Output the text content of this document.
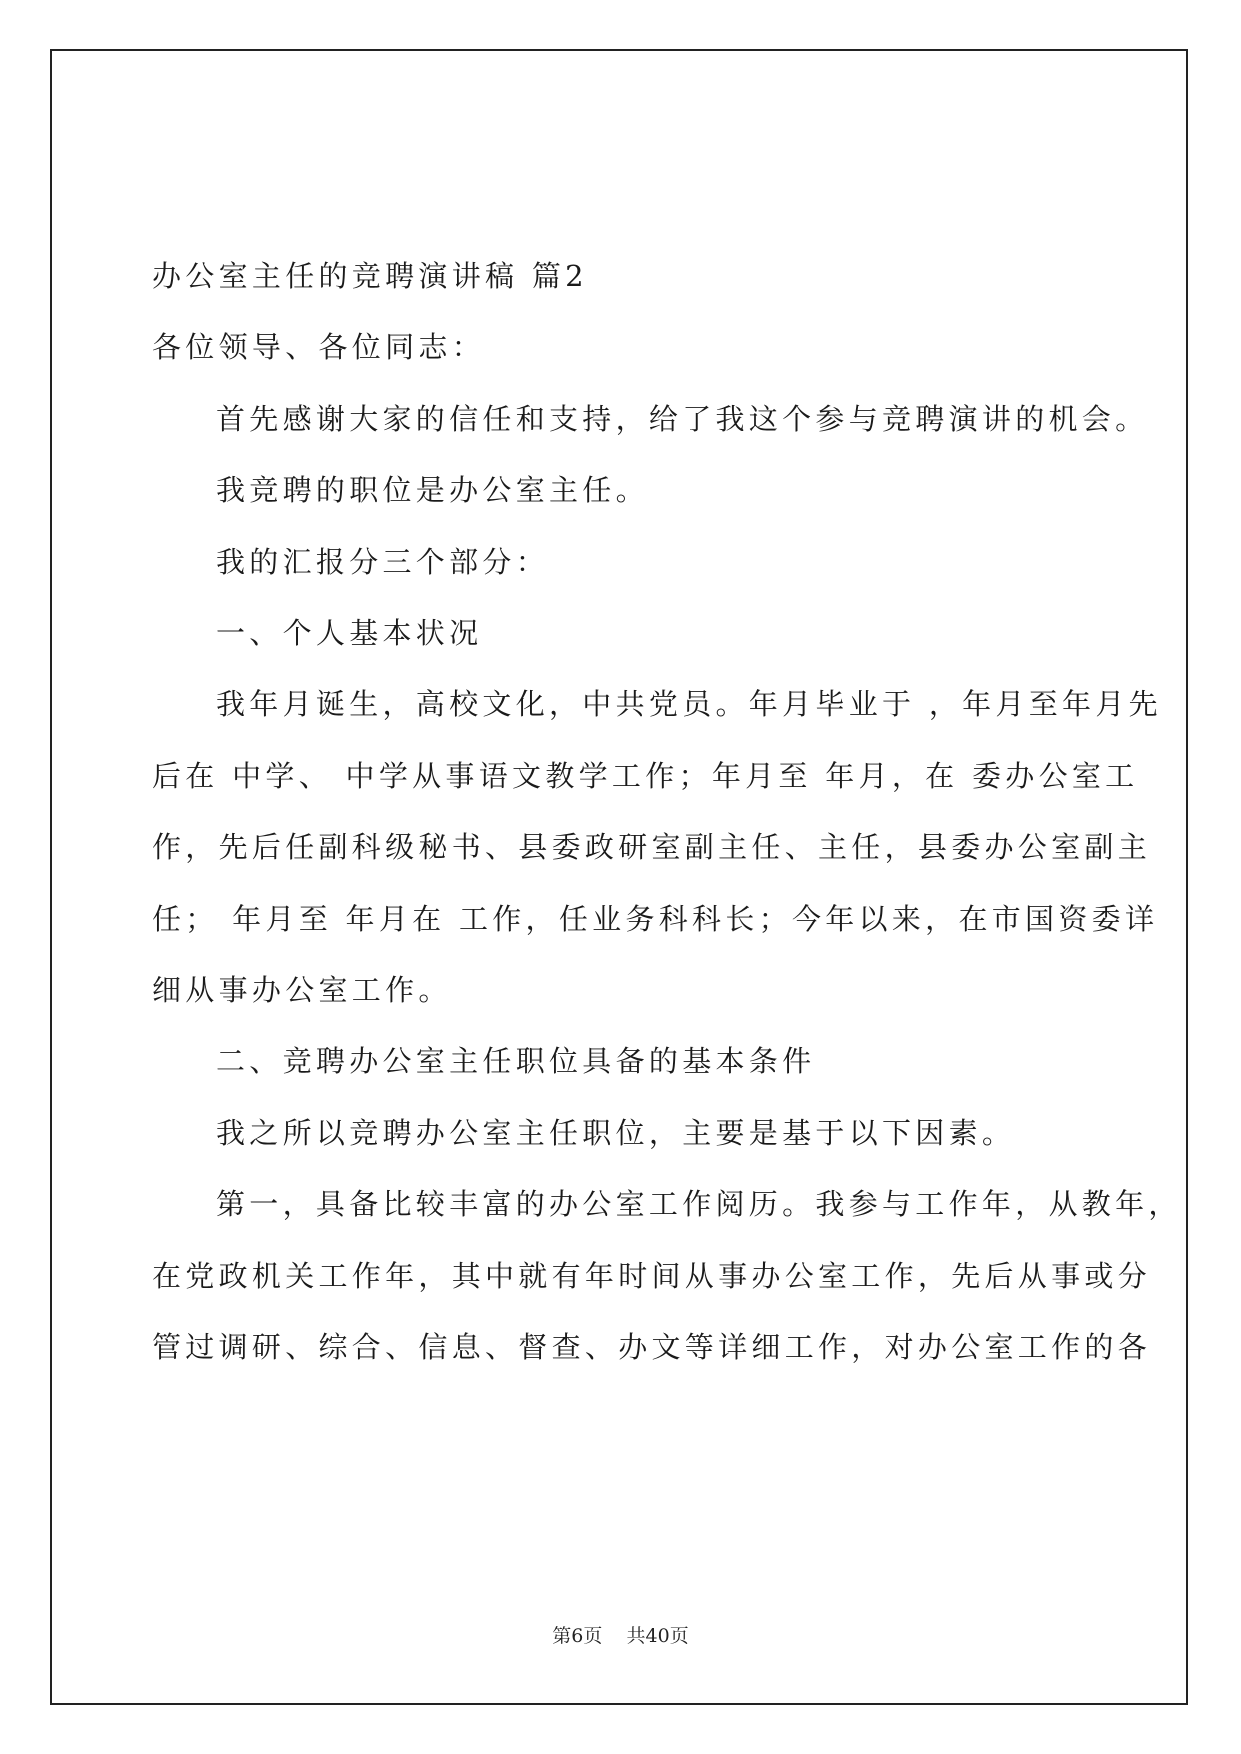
办公室主任的竞聘演讲稿 篇2
各位领导、各位同志：
首先感谢大家的信任和支持，给了我这个参与竞聘演讲的机会。
我竞聘的职位是办公室主任。
我的汇报分三个部分：
一、个人基本状况
我年月诞生，高校文化，中共党员。年月毕业于 ，年月至年月先
后在 中学、 中学从事语文教学工作；年月至 年月，在 委办公室工
作，先后任副科级秘书、县委政研室副主任、主任，县委办公室副主
任； 年月至 年月在 工作，任业务科科长；今年以来，在市国资委详
细从事办公室工作。
二、竞聘办公室主任职位具备的基本条件
我之所以竞聘办公室主任职位，主要是基于以下因素。
第一，具备比较丰富的办公室工作阅历。我参与工作年，从教年，
在党政机关工作年，其中就有年时间从事办公室工作，先后从事或分
管过调研、综合、信息、督查、办文等详细工作，对办公室工作的各
第6页    共40页
